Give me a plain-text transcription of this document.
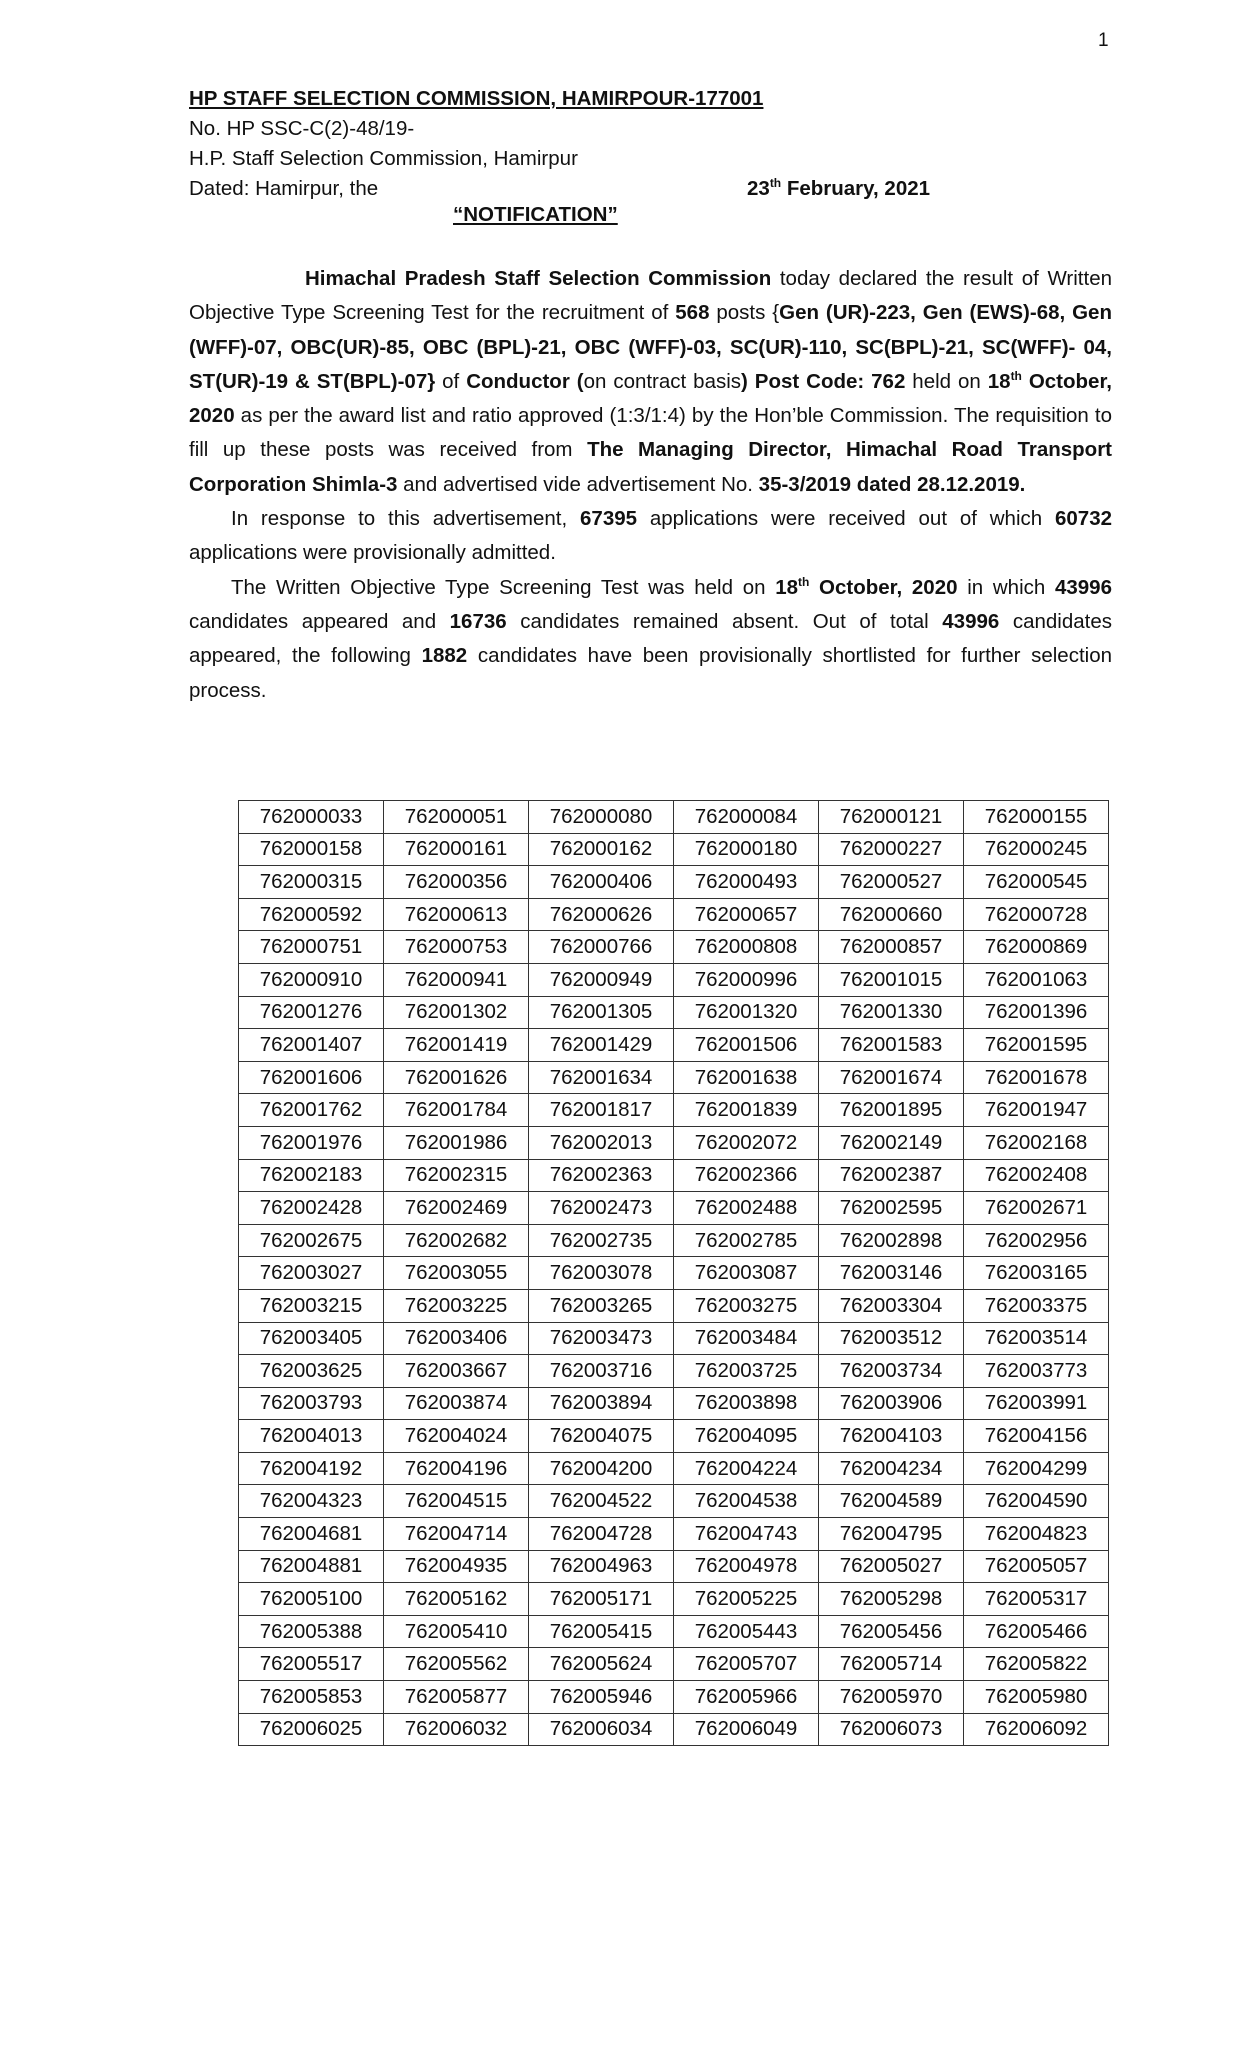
1
HP STAFF SELECTION COMMISSION, HAMIRPOUR-177001
No. HP SSC-C(2)-48/19-
H.P. Staff Selection Commission, Hamirpur
Dated: Hamirpur, the	23th February, 2021
“NOTIFICATION”

Himachal Pradesh Staff Selection Commission today declared the result of Written Objective Type Screening Test for the recruitment of 568 posts {Gen (UR)-223, Gen (EWS)-68, Gen (WFF)-07, OBC(UR)-85, OBC (BPL)-21, OBC (WFF)-03, SC(UR)-110, SC(BPL)-21, SC(WFF)- 04, ST(UR)-19 & ST(BPL)-07} of Conductor (on contract basis) Post Code: 762 held on 18th October, 2020 as per the award list and ratio approved (1:3/1:4) by the Hon’ble Commission. The requisition to fill up these posts was received from The Managing Director, Himachal Road Transport Corporation Shimla-3 and advertised vide advertisement No. 35-3/2019 dated 28.12.2019.

In response to this advertisement, 67395 applications were received out of which 60732 applications were provisionally admitted.

The Written Objective Type Screening Test was held on 18th October, 2020 in which 43996 candidates appeared and 16736 candidates remained absent. Out of total 43996 candidates appeared, the following 1882 candidates have been provisionally shortlisted for further selection process.

762000033	762000051	762000080	762000084	762000121	762000155
762000158	762000161	762000162	762000180	762000227	762000245
762000315	762000356	762000406	762000493	762000527	762000545
762000592	762000613	762000626	762000657	762000660	762000728
762000751	762000753	762000766	762000808	762000857	762000869
762000910	762000941	762000949	762000996	762001015	762001063
762001276	762001302	762001305	762001320	762001330	762001396
762001407	762001419	762001429	762001506	762001583	762001595
762001606	762001626	762001634	762001638	762001674	762001678
762001762	762001784	762001817	762001839	762001895	762001947
762001976	762001986	762002013	762002072	762002149	762002168
762002183	762002315	762002363	762002366	762002387	762002408
762002428	762002469	762002473	762002488	762002595	762002671
762002675	762002682	762002735	762002785	762002898	762002956
762003027	762003055	762003078	762003087	762003146	762003165
762003215	762003225	762003265	762003275	762003304	762003375
762003405	762003406	762003473	762003484	762003512	762003514
762003625	762003667	762003716	762003725	762003734	762003773
762003793	762003874	762003894	762003898	762003906	762003991
762004013	762004024	762004075	762004095	762004103	762004156
762004192	762004196	762004200	762004224	762004234	762004299
762004323	762004515	762004522	762004538	762004589	762004590
762004681	762004714	762004728	762004743	762004795	762004823
762004881	762004935	762004963	762004978	762005027	762005057
762005100	762005162	762005171	762005225	762005298	762005317
762005388	762005410	762005415	762005443	762005456	762005466
762005517	762005562	762005624	762005707	762005714	762005822
762005853	762005877	762005946	762005966	762005970	762005980
762006025	762006032	762006034	762006049	762006073	762006092
